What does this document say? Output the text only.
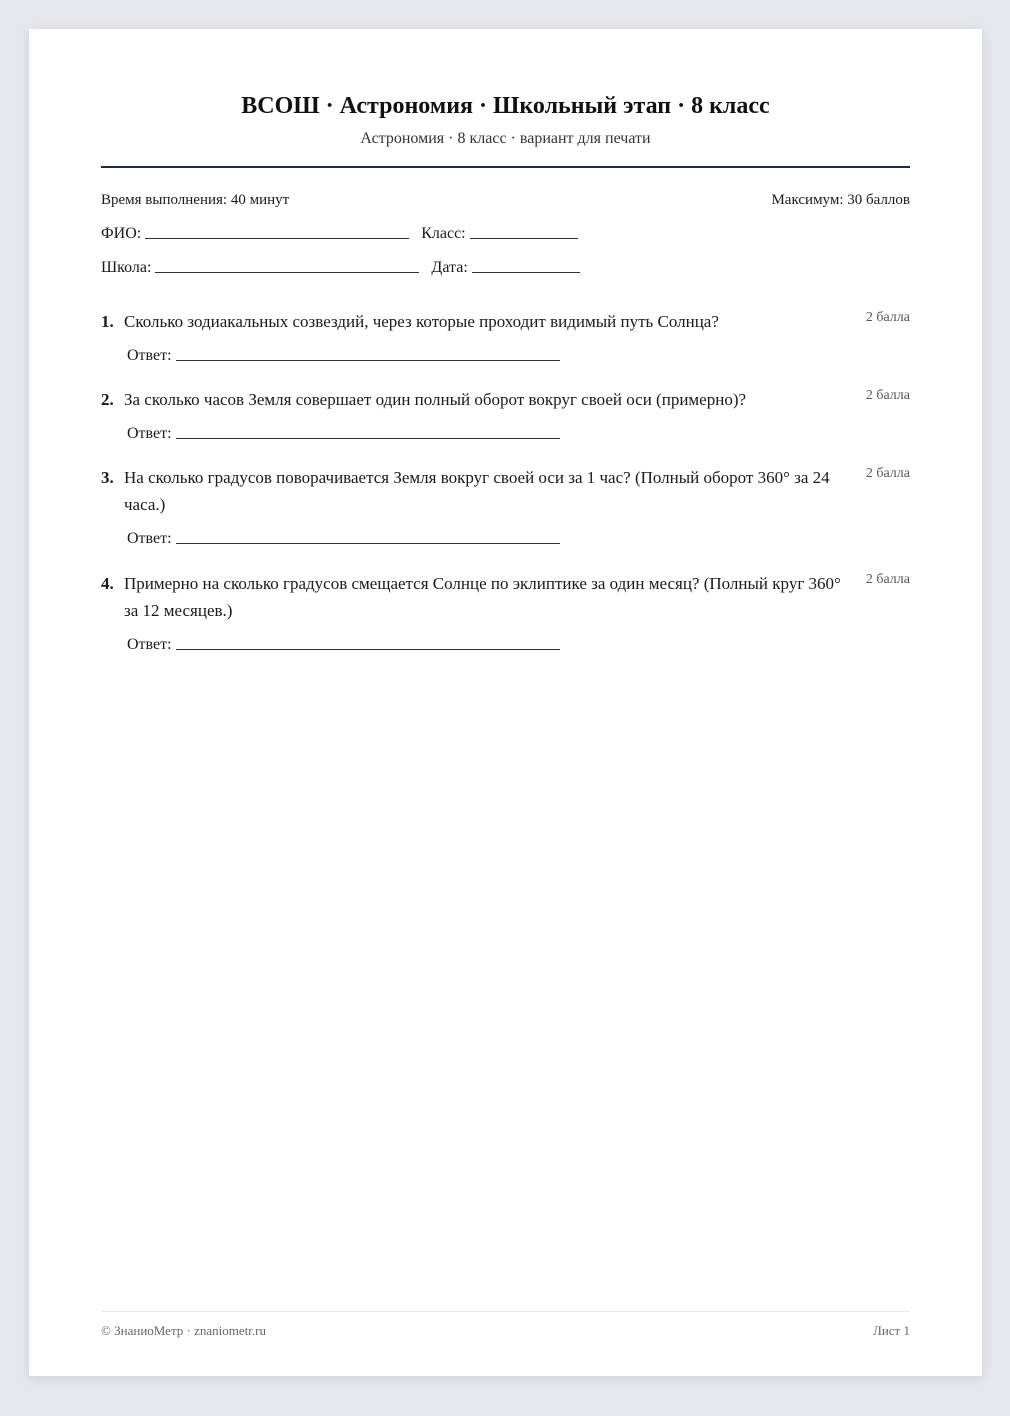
ВСОШ · Астрономия · Школьный этап · 8 класс
Астрономия · 8 класс · вариант для печати
Время выполнения: 40 минут	Максимум: 30 баллов
ФИО:	Класс:
Школа:	Дата:
1. Сколько зодиакальных созвездий, через которые проходит видимый путь Солнца?	2 балла
Ответ:
2. За сколько часов Земля совершает один полный оборот вокруг своей оси (примерно)?	2 балла
Ответ:
3. На сколько градусов поворачивается Земля вокруг своей оси за 1 час? (Полный оборот 360° за 24 часа.)
2 балла
Ответ:
4. Примерно на сколько градусов смещается Солнце по эклиптике за один месяц? (Полный круг 360° за 12 месяцев.)
2 балла
Ответ:
© ЗнаниоМетр · znaniometr.ru	Лист 1
